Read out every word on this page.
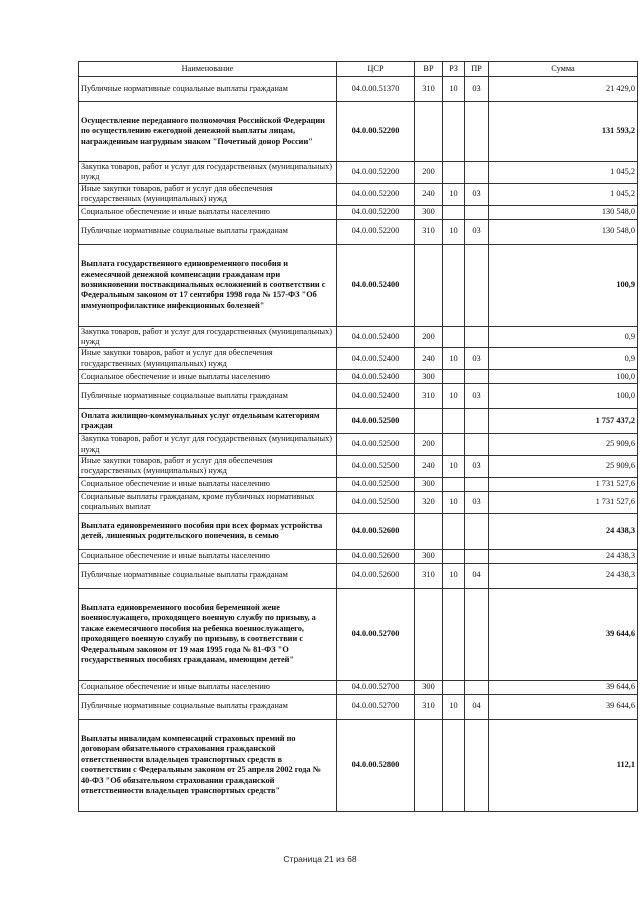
Наименование	ЦСР	ВР	РЗ	ПР	Сумма
Публичные нормативные социальные выплаты гражданам	04.0.00.51370	310	10	03	21 429,0
Осуществление переданного полномочия Российской Федерации по осуществлению ежегодной денежной выплаты лицам, награжденным нагрудным знаком "Почетный донор России"	04.0.00.52200				131 593,2
Закупка товаров, работ и услуг для государственных (муниципальных) нужд	04.0.00.52200	200			1 045,2
Иные закупки товаров, работ и услуг для обеспечения государственных (муниципальных) нужд	04.0.00.52200	240	10	03	1 045,2
Социальное обеспечение и иные выплаты населению	04.0.00.52200	300			130 548,0
Публичные нормативные социальные выплаты гражданам	04.0.00.52200	310	10	03	130 548,0
Выплата государственного единовременного пособия и ежемесячной денежной компенсации гражданам при возникновении поствакцинальных осложнений в соответствии с Федеральным законом от 17 сентября 1998 года № 157-ФЗ "Об иммунопрофилактике инфекционных болезней"	04.0.00.52400				100,9
Закупка товаров, работ и услуг для государственных (муниципальных) нужд	04.0.00.52400	200			0,9
Иные закупки товаров, работ и услуг для обеспечения государственных (муниципальных) нужд	04.0.00.52400	240	10	03	0,9
Социальное обеспечение и иные выплаты населению	04.0.00.52400	300			100,0
Публичные нормативные социальные выплаты гражданам	04.0.00.52400	310	10	03	100,0
Оплата жилищно-коммунальных услуг отдельным категориям граждан	04.0.00.52500				1 757 437,2
Закупка товаров, работ и услуг для государственных (муниципальных) нужд	04.0.00.52500	200			25 909,6
Иные закупки товаров, работ и услуг для обеспечения государственных (муниципальных) нужд	04.0.00.52500	240	10	03	25 909,6
Социальное обеспечение и иные выплаты населению	04.0.00.52500	300			1 731 527,6
Социальные выплаты гражданам, кроме публичных нормативных социальных выплат	04.0.00.52500	320	10	03	1 731 527,6
Выплата единовременного пособия при всех формах устройства детей, лишенных родительского попечения, в семью	04.0.00.52600				24 438,3
Социальное обеспечение и иные выплаты населению	04.0.00.52600	300			24 438,3
Публичные нормативные социальные выплаты гражданам	04.0.00.52600	310	10	04	24 438,3
Выплата единовременного пособия беременной жене военнослужащего, проходящего военную службу по призыву, а также ежемесячного пособия на ребенка военнослужащего, проходящего военную службу по призыву, в соответствии с Федеральным законом от 19 мая 1995 года № 81-ФЗ "О государственных пособиях гражданам, имеющим детей"	04.0.00.52700				39 644,6
Социальное обеспечение и иные выплаты населению	04.0.00.52700	300			39 644,6
Публичные нормативные социальные выплаты гражданам	04.0.00.52700	310	10	04	39 644,6
Выплаты инвалидам компенсаций страховых премий по договорам обязательного страхования гражданской ответственности владельцев транспортных средств в соответствии с Федеральным законом от 25 апреля 2002 года № 40-ФЗ "Об обязательном страховании гражданской ответственности владельцев транспортных средств"	04.0.00.52800				112,1
Страница 21 из 68
